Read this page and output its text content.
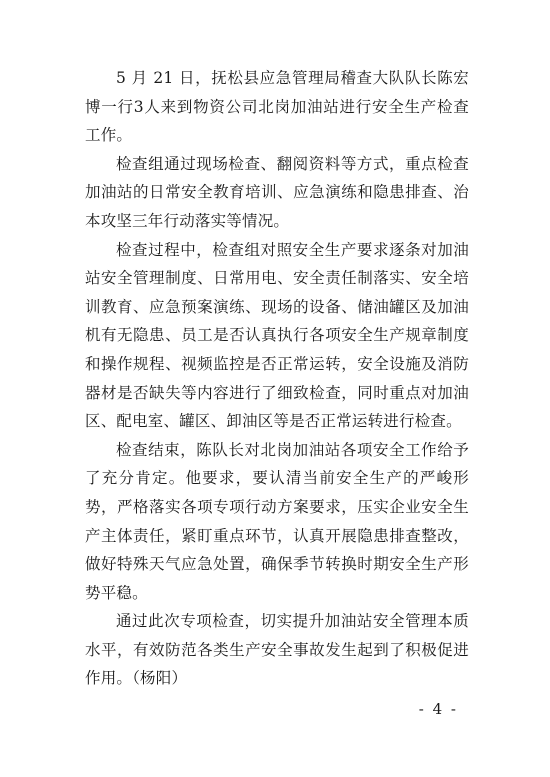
5 月 21 日，抚松县应急管理局稽查大队队长陈宏博一行3人来到物资公司北岗加油站进行安全生产检查工作。

检查组通过现场检查、翻阅资料等方式，重点检查加油站的日常安全教育培训、应急演练和隐患排查、治本攻坚三年行动落实等情况。

检查过程中，检查组对照安全生产要求逐条对加油站安全管理制度、日常用电、安全责任制落实、安全培训教育、应急预案演练、现场的设备、储油罐区及加油机有无隐患、员工是否认真执行各项安全生产规章制度和操作规程、视频监控是否正常运转，安全设施及消防器材是否缺失等内容进行了细致检查，同时重点对加油区、配电室、罐区、卸油区等是否正常运转进行检查。

检查结束，陈队长对北岗加油站各项安全工作给予了充分肯定。他要求，要认清当前安全生产的严峻形势，严格落实各项专项行动方案要求，压实企业安全生产主体责任，紧盯重点环节，认真开展隐患排查整改，做好特殊天气应急处置，确保季节转换时期安全生产形势平稳。

通过此次专项检查，切实提升加油站安全管理本质水平，有效防范各类生产安全事故发生起到了积极促进作用。（杨阳）

- 4 -
